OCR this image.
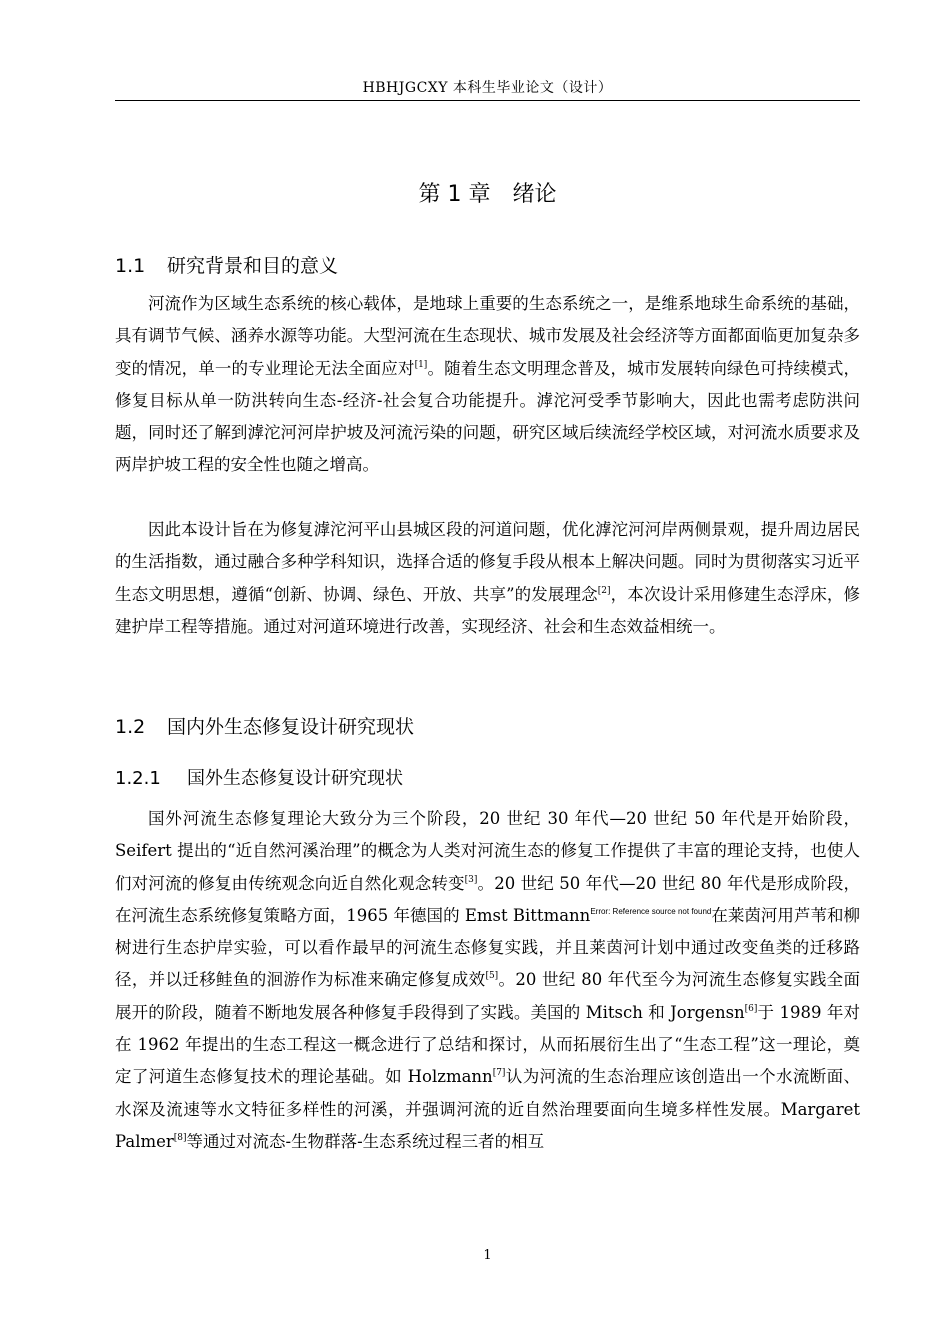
HBHJGCXY 本科生毕业论文（设计）
第 1 章 绪论
1.1 研究背景和目的意义

河流作为区域生态系统的核心载体，是地球上重要的生态系统之一，是维系地球生命系统的基础，具有调节气候、涵养水源等功能。大型河流在生态现状、城市发展及社会经济等方面都面临更加复杂多变的情况，单一的专业理论无法全面应对[1]。随着生态文明理念普及，城市发展转向绿色可持续模式，修复目标从单一防洪转向生态-经济-社会复合功能提升。滹沱河受季节影响大，因此也需考虑防洪问题，同时还了解到滹沱河河岸护坡及河流污染的问题，研究区域后续流经学校区域，对河流水质要求及两岸护坡工程的安全性也随之增高。

因此本设计旨在为修复滹沱河平山县城区段的河道问题，优化滹沱河河岸两侧景观，提升周边居民的生活指数，通过融合多种学科知识，选择合适的修复手段从根本上解决问题。同时为贯彻落实习近平生态文明思想，遵循“创新、协调、绿色、开放、共享”的发展理念[2]，本次设计采用修建生态浮床，修建护岸工程等措施。通过对河道环境进行改善，实现经济、社会和生态效益相统一。

1.2 国内外生态修复设计研究现状
1.2.1 国外生态修复设计研究现状

国外河流生态修复理论大致分为三个阶段，20 世纪 30 年代—20 世纪 50 年代是开始阶段，Seifert 提出的“近自然河溪治理”的概念为人类对河流生态的修复工作提供了丰富的理论支持，也使人们对河流的修复由传统观念向近自然化观念转变[3]。20 世纪 50 年代—20 世纪 80 年代是形成阶段，在河流生态系统修复策略方面，1965 年德国的 Emst Bittmann$^{Error: Reference source not found}$在莱茵河用芦苇和柳树进行生态护岸实验，可以看作最早的河流生态修复实践，并且莱茵河计划中通过改变鱼类的迁移路径，并以迁移鲑鱼的洄游作为标准来确定修复成效[5]。20 世纪 80 年代至今为河流生态修复实践全面展开的阶段，随着不断地发展各种修复手段得到了实践。美国的 Mitsch 和 Jorgensn[6]于 1989 年对在 1962 年提出的生态工程这一概念进行了总结和探讨，从而拓展衍生出了“生态工程”这一理论，奠定了河道生态修复技术的理论基础。如 Holzmann[7]认为河流的生态治理应该创造出一个水流断面、水深及流速等水文特征多样性的河溪，并强调河流的近自然治理要面向生境多样性发展。Margaret Palmer[8]等通过对流态-生物群落-生态系统过程三者的相互

1
